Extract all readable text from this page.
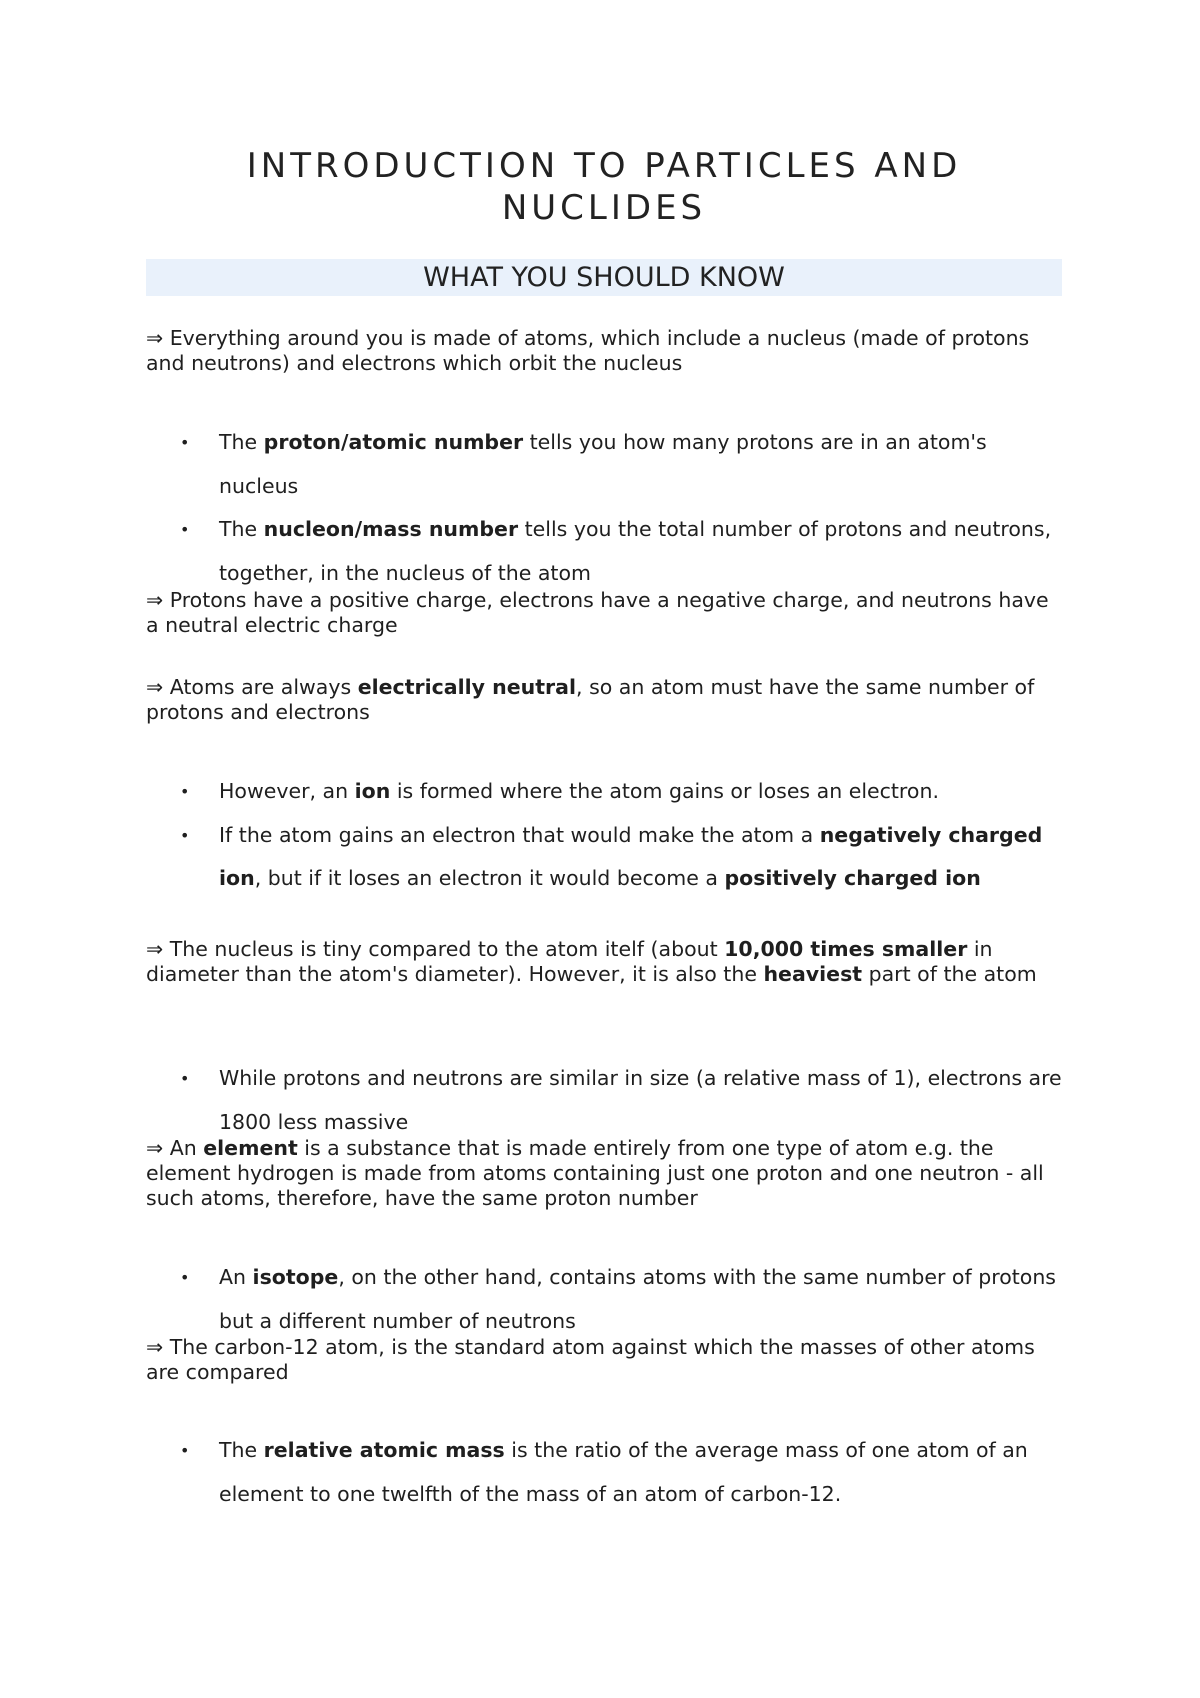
INTRODUCTION TO PARTICLES AND
NUCLIDES
WHAT YOU SHOULD KNOW

⇒ Everything around you is made of atoms, which include a nucleus (made of protons and neutrons) and electrons which orbit the nucleus

• The proton/atomic number tells you how many protons are in an atom's nucleus
• The nucleon/mass number tells you the total number of protons and neutrons, together, in the nucleus of the atom

⇒ Protons have a positive charge, electrons have a negative charge, and neutrons have a neutral electric charge

⇒ Atoms are always electrically neutral, so an atom must have the same number of protons and electrons

• However, an ion is formed where the atom gains or loses an electron.
• If the atom gains an electron that would make the atom a negatively charged ion, but if it loses an electron it would become a positively charged ion

⇒ The nucleus is tiny compared to the atom itelf (about 10,000 times smaller in diameter than the atom's diameter). However, it is also the heaviest part of the atom

• While protons and neutrons are similar in size (a relative mass of 1), electrons are 1800 less massive

⇒ An element is a substance that is made entirely from one type of atom e.g. the element hydrogen is made from atoms containing just one proton and one neutron - all such atoms, therefore, have the same proton number

• An isotope, on the other hand, contains atoms with the same number of protons but a different number of neutrons

⇒ The carbon-12 atom, is the standard atom against which the masses of other atoms are compared

• The relative atomic mass is the ratio of the average mass of one atom of an element to one twelfth of the mass of an atom of carbon-12.
